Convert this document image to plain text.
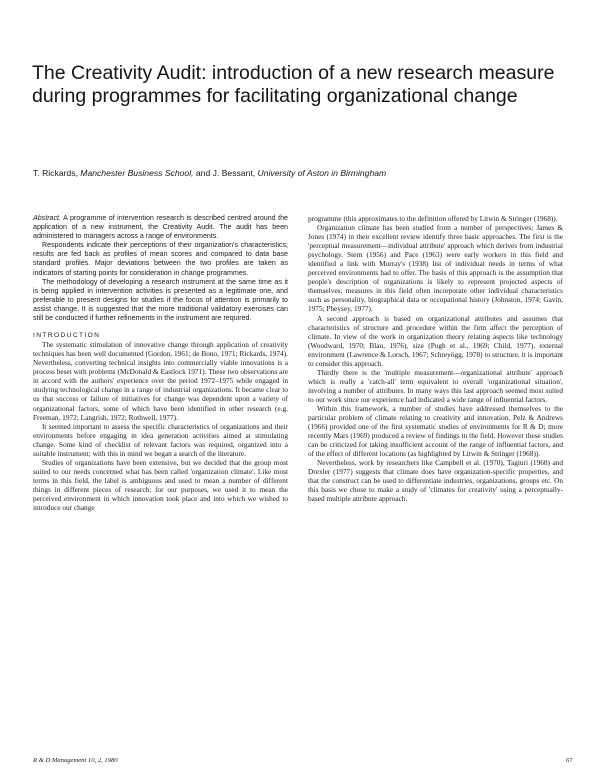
The Creativity Audit: introduction of a new research measure during programmes for facilitating organizational change
T. Rickards, Manchester Business School, and J. Bessant, University of Aston in Birmingham

Abstract. A programme of intervention research is described centred around the application of a new instrument, the Creativity Audit. The audit has been administered to managers across a range of environments.

Respondents indicate their perceptions of their organization's characteristics; results are fed back as profiles of mean scores and compared to data base standard profiles. Major deviations between the two profiles are taken as indicators of starting points for consideration in change programmes.

The methodology of developing a research instrument at the same time as it is being applied in intervention activities is presented as a legitimate one, and preferable to present designs for studies if the focus of attention is primarily to assist change. It is suggested that the more traditional validatory exercises can still be conducted if further refinements in the instrument are required.

INTRODUCTION

The systematic stimulation of innovative change through application of creativity techniques has been well documented (Gordon, 1961; de Bono, 1971; Rickards, 1974). Nevertheless, converting technical insights into commercially viable innovations is a process beset with problems (McDonald & Eastlock 1971). These two observations are in accord with the authors' experience over the period 1972–1975 while engaged in studying technological change in a range of industrial organizations. It became clear to us that success or failure of initiatives for change was dependent upon a variety of organizational factors, some of which have been identified in other research (e.g. Freeman, 1972; Langrish, 1972; Rothwell, 1977).

It seemed important to assess the specific characteristics of organizations and their environments before engaging in idea generation activities aimed at stimulating change. Some kind of checklist of relevant factors was required, organized into a suitable instrument; with this in mind we began a search of the literature.

Studies of organizations have been extensive, but we decided that the group most suited to our needs concerned what has been called 'organization climate'. Like most terms in this field, the label is ambiguous and used to mean a number of different things in different pieces of research; for our purposes, we used it to mean the perceived environment in which innovation took place and into which we wished to introduce our change

programme (this approximates to the definition offered by Litwin & Stringer (1968)).

Organization climate has been studied from a number of perspectives; James & Jones (1974) in their excellent review identify three basic approaches. The first is the 'perceptual measurement—individual attribute' approach which derives from industrial psychology. Stern (1956) and Pace (1963) were early workers in this field and identified a link with Murray's (1938) list of individual needs in terms of what perceived environments had to offer. The basis of this approach is the assumption that people's description of organizations is likely to represent projected aspects of themselves; measures in this field often incorporate other individual characteristics such as personality, biographical data or occupational history (Johnston, 1974; Gavin, 1975; Pheysey, 1977).

A second approach is based on organizational attributes and assumes that characteristics of structure and procedure within the firm affect the perception of climate. In view of the work in organization theory relating aspects like technology (Woodward, 1970; Blau, 1976), size (Pugh et al., 1969; Child, 1977), external environment (Lawrence & Lorsch, 1967; Schreyögg, 1978) to structure, it is important to consider this approach.

Thirdly there is the 'multiple measurement—organizational attribute' approach which is really a 'catch-all' term equivalent to overall 'organizational situation', involving a number of attributes. In many ways this last approach seemed most suited to our work since our experience had indicated a wide range of influential factors.

Within this framework, a number of studies have addressed themselves to the particular problem of climate relating to creativity and innovation. Pelz & Andrews (1966) provided one of the first systematic studies of environments for R & D; more recently Mars (1969) produced a review of findings in the field. However these studies can be criticized for taking insufficient account of the range of influential factors, and of the effect of different locations (as highlighted by Litwin & Stringer (1968)).

Nevertheless, work by researchers like Campbell et al. (1970), Tagiuri (1968) and Drexler (1977) suggests that climate does have organization-specific properties, and that the construct can be used to differentiate industries, organizations, groups etc. On this basis we chose to make a study of 'climates for creativity' using a perceptually-based multiple attribute approach.

R & D Management 10, 2, 1980	67
